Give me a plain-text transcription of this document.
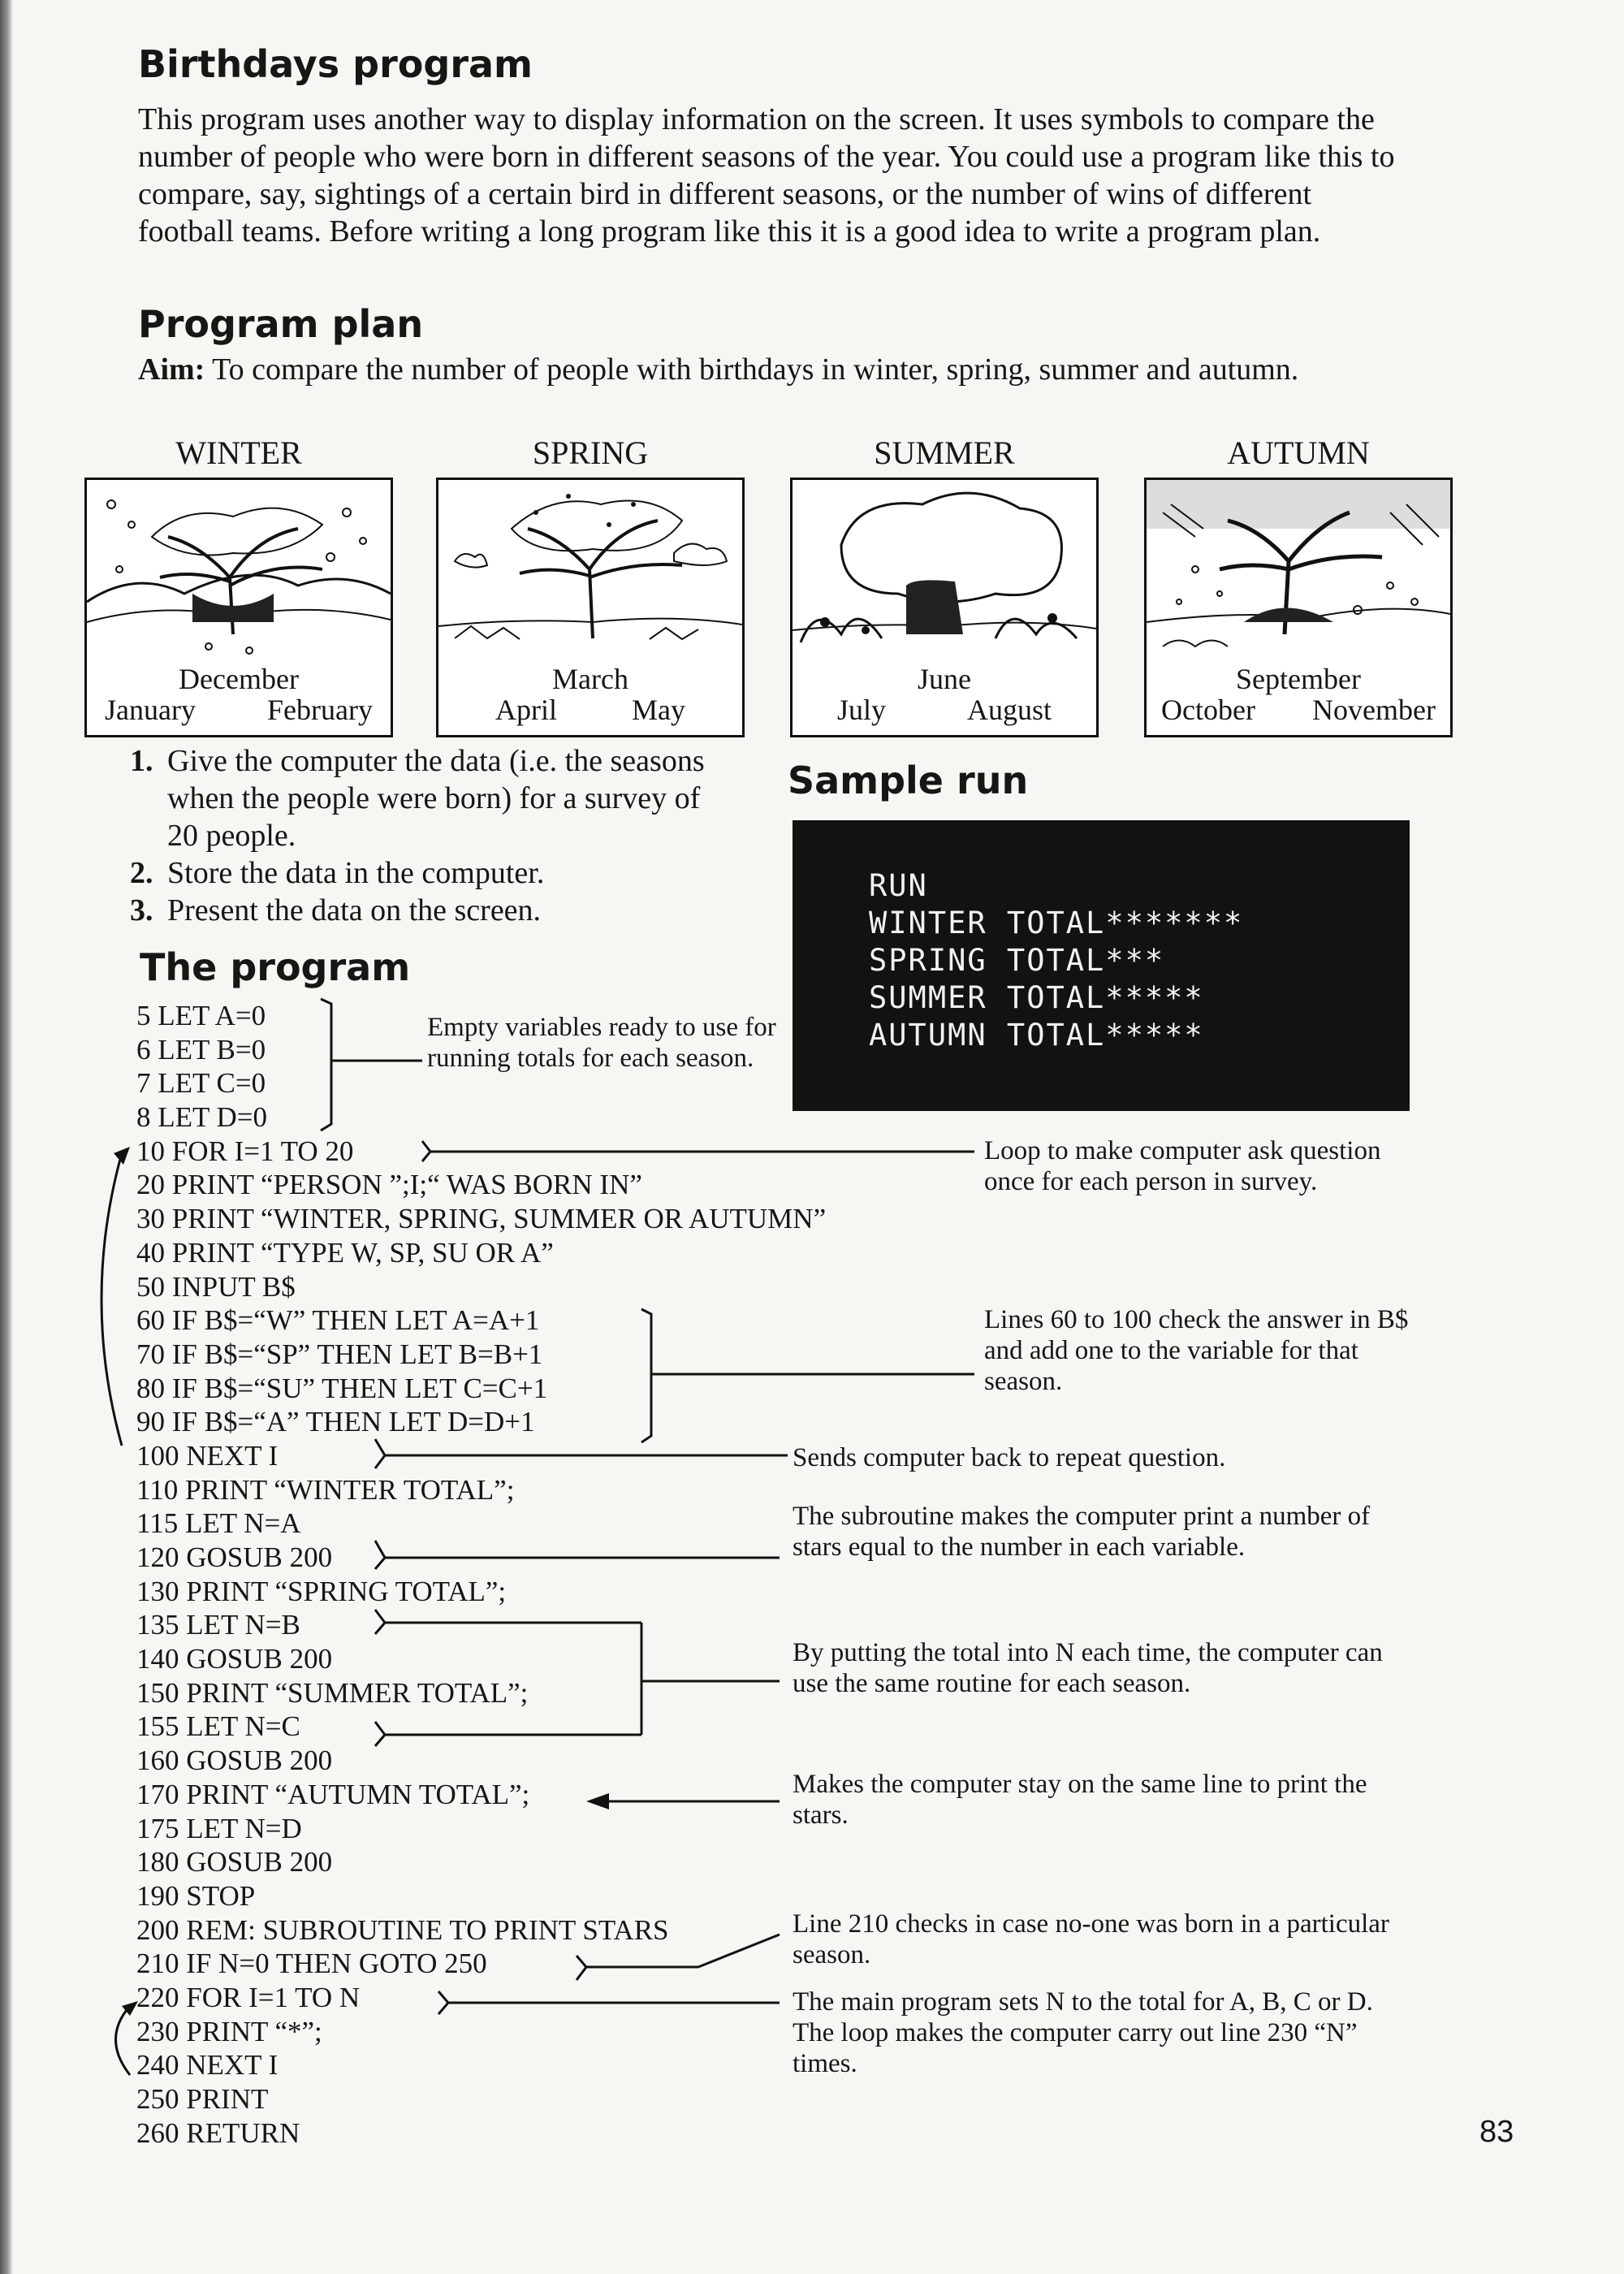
Birthdays program
This program uses another way to display information on the screen. It uses symbols to compare the number of people who were born in different seasons of the year. You could use a program like this to compare, say, sightings of a certain bird in different seasons, or the number of wins of different football teams. Before writing a long program like this it is a good idea to write a program plan.
Program plan
Aim: To compare the number of people with birthdays in winter, spring, summer and autumn.
WINTER	SPRING	SUMMER	AUTUMN
December
January February
March
April	May
June
July	August
September
October November
1. Give the computer the data (i.e. the seasons when the people were born) for a survey of 20 people.
2. Store the data in the computer.
3. Present the data on the screen.
Sample run
RUN
WINTER TOTAL*******
SPRING TOTAL***
SUMMER TOTAL*****
AUTUMN TOTAL*****
The program
5 LET A=0
6 LET B=0
7 LET C=0
8 LET D=0
10 FOR I=1 TO 20
20 PRINT “PERSON ”;I;“ WAS BORN IN”
30 PRINT “WINTER, SPRING, SUMMER OR AUTUMN”
40 PRINT “TYPE W, SP, SU OR A”
50 INPUT B$
60 IF B$=“W” THEN LET A=A+1
70 IF B$=“SP” THEN LET B=B+1
80 IF B$=“SU” THEN LET C=C+1
90 IF B$=“A” THEN LET D=D+1
100 NEXT I
110 PRINT “WINTER TOTAL”;
115 LET N=A
120 GOSUB 200
130 PRINT “SPRING TOTAL”;
135 LET N=B
140 GOSUB 200
150 PRINT “SUMMER TOTAL”;
155 LET N=C
160 GOSUB 200
170 PRINT “AUTUMN TOTAL”;
175 LET N=D
180 GOSUB 200
190 STOP
200 REM: SUBROUTINE TO PRINT STARS
210 IF N=0 THEN GOTO 250
220 FOR I=1 TO N
230 PRINT “*”;
240 NEXT I
250 PRINT
260 RETURN
Empty variables ready to use for running totals for each season.
Loop to make computer ask question once for each person in survey.
Lines 60 to 100 check the answer in B$ and add one to the variable for that season.
Sends computer back to repeat question.
The subroutine makes the computer print a number of stars equal to the number in each variable.
By putting the total into N each time, the computer can use the same routine for each season.
Makes the computer stay on the same line to print the stars.
Line 210 checks in case no-one was born in a particular season.
The main program sets N to the total for A, B, C or D. The loop makes the computer carry out line 230 “N” times.
83
